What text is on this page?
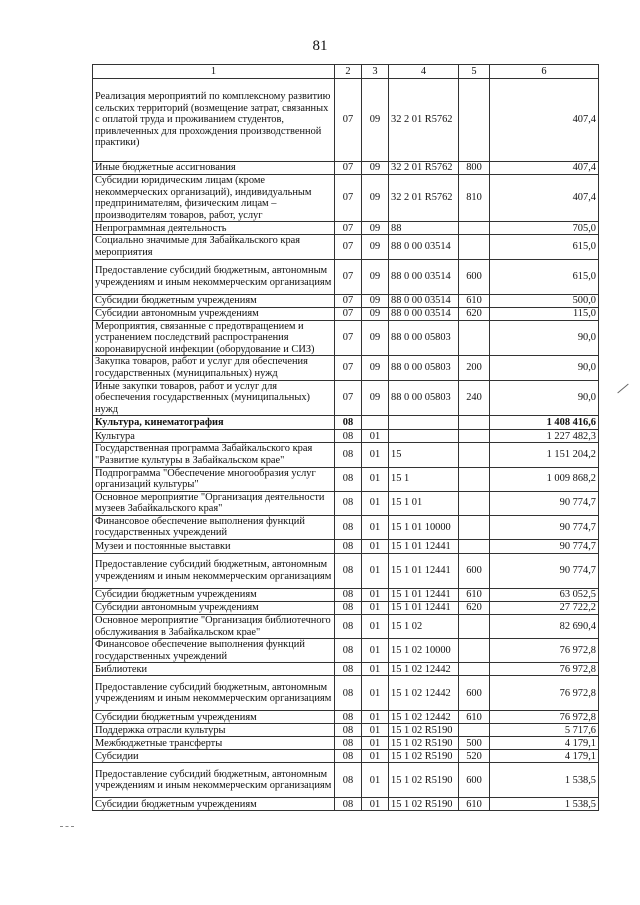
81
1	2	3	4	5	6
Реализация мероприятий по комплексному развитию сельских территорий (возмещение затрат, связанных с оплатой труда и проживанием студентов, привлеченных для прохождения производственной практики)	07	09	32 2 01 R5762		407,4
Иные бюджетные ассигнования	07	09	32 2 01 R5762	800	407,4
Субсидии юридическим лицам (кроме некоммерческих организаций), индивидуальным предпринимателям, физическим лицам – производителям товаров, работ, услуг	07	09	32 2 01 R5762	810	407,4
Непрограммная деятельность	07	09	88		705,0
Социально значимые для Забайкальского края мероприятия	07	09	88 0 00 03514		615,0
Предоставление субсидий бюджетным, автономным учреждениям и иным некоммерческим организациям	07	09	88 0 00 03514	600	615,0
Субсидии бюджетным учреждениям	07	09	88 0 00 03514	610	500,0
Субсидии автономным учреждениям	07	09	88 0 00 03514	620	115,0
Мероприятия, связанные с предотвращением и устранением последствий распространения коронавирусной инфекции (оборудование и СИЗ)	07	09	88 0 00 05803		90,0
Закупка товаров, работ и услуг для обеспечения государственных (муниципальных) нужд	07	09	88 0 00 05803	200	90,0
Иные закупки товаров, работ и услуг для обеспечения государственных (муниципальных) нужд	07	09	88 0 00 05803	240	90,0
Культура, кинематография	08				1 408 416,6
Культура	08	01			1 227 482,3
Государственная программа Забайкальского края "Развитие культуры в Забайкальском крае"	08	01	15		1 151 204,2
Подпрограмма "Обеспечение многообразия услуг организаций культуры"	08	01	15 1		1 009 868,2
Основное мероприятие "Организация деятельности музеев Забайкальского края"	08	01	15 1 01		90 774,7
Финансовое обеспечение выполнения функций государственных учреждений	08	01	15 1 01 10000		90 774,7
Музеи и постоянные выставки	08	01	15 1 01 12441		90 774,7
Предоставление субсидий бюджетным, автономным учреждениям и иным некоммерческим организациям	08	01	15 1 01 12441	600	90 774,7
Субсидии бюджетным учреждениям	08	01	15 1 01 12441	610	63 052,5
Субсидии автономным учреждениям	08	01	15 1 01 12441	620	27 722,2
Основное мероприятие "Организация библиотечного обслуживания в Забайкальском крае"	08	01	15 1 02		82 690,4
Финансовое обеспечение выполнения функций государственных учреждений	08	01	15 1 02 10000		76 972,8
Библиотеки	08	01	15 1 02 12442		76 972,8
Предоставление субсидий бюджетным, автономным учреждениям и иным некоммерческим организациям	08	01	15 1 02 12442	600	76 972,8
Субсидии бюджетным учреждениям	08	01	15 1 02 12442	610	76 972,8
Поддержка отрасли культуры	08	01	15 1 02 R5190		5 717,6
Межбюджетные трансферты	08	01	15 1 02 R5190	500	4 179,1
Субсидии	08	01	15 1 02 R5190	520	4 179,1
Предоставление субсидий бюджетным, автономным учреждениям и иным некоммерческим организациям	08	01	15 1 02 R5190	600	1 538,5
Субсидии бюджетным учреждениям	08	01	15 1 02 R5190	610	1 538,5
